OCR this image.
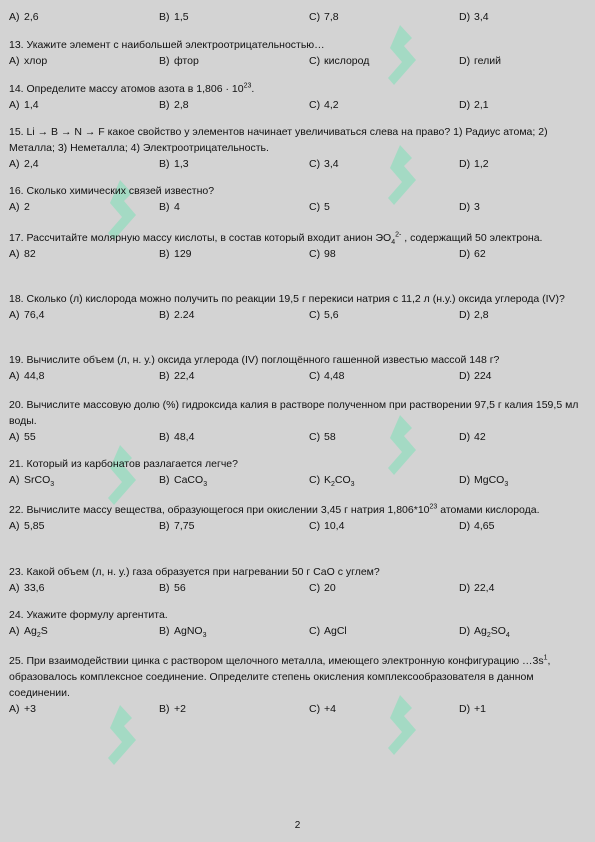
A) 2,6	B) 1,5	C) 7,8	D) 3,4
13. Укажите элемент с наибольшей электроотрицательностью…
A) хлор	B) фтор	C) кислород	D) гелий
14. Определите массу атомов азота в $1,806 \cdot 10^{23}$.
A) 1,4	B) 2,8	C) 4,2	D) 2,1
15. Li → B → N → F какое свойство у элементов начинает увеличиваться слева на право? 1) Радиус атома; 2) Металла; 3) Неметалла; 4) Электроотрицательность.
A) 2,4	B) 1,3	C) 3,4	D) 1,2
16. Сколько химических связей известно?
A) 2	B) 4	C) 5	D) 3
17. Рассчитайте молярную массу кислоты, в состав который входит анион $ЭО_4^{2-}$ , содержащий 50 электрона.
A) 82	B) 129	C) 98	D) 62
18. Сколько (л) кислорода можно получить по реакции 19,5 г перекиси натрия с 11,2 л (н.у.) оксида углерода (IV)?
A) 76,4	B) 2.24	C) 5,6	D) 2,8
19. Вычислите объем (л, н. у.) оксида углерода (IV) поглощённого гашенной известью массой 148 г?
A) 44,8	B) 22,4	C) 4,48	D) 224
20. Вычислите массовую долю (%) гидроксида калия в растворе полученном при растворении 97,5 г калия 159,5 мл воды.
A) 55	B) 48,4	C) 58	D) 42
21. Который из карбонатов разлагается легче?
A) SrCO$_3$	B) CaCO$_3$	C) $K_2CO_3$	D) MgCO$_3$
22. Вычислите массу вещества, образующегося при окислении 3,45 г натрия $1,806*10^{23}$ атомами кислорода.
A) 5,85	B) 7,75	C) 10,4	D) 4,65
23. Какой объем (л, н. у.) газа образуется при нагревании 50 г CaO с углем?
A) 33,6	B) 56	C) 20	D) 22,4
24. Укажите формулу аргентита.
A) $Ag_2S$	B) AgNO$_3$	C) AgCl	D) $Ag_2SO_4$
25. При взаимодействии цинка с раствором щелочного металла, имеющего электронную конфигурацию $\dots 3s^1$, образовалось комплексное соединение. Определите степень окисления комплексообразователя в данном соединении.
A) +3	B) +2	C) +4	D) +1
2
